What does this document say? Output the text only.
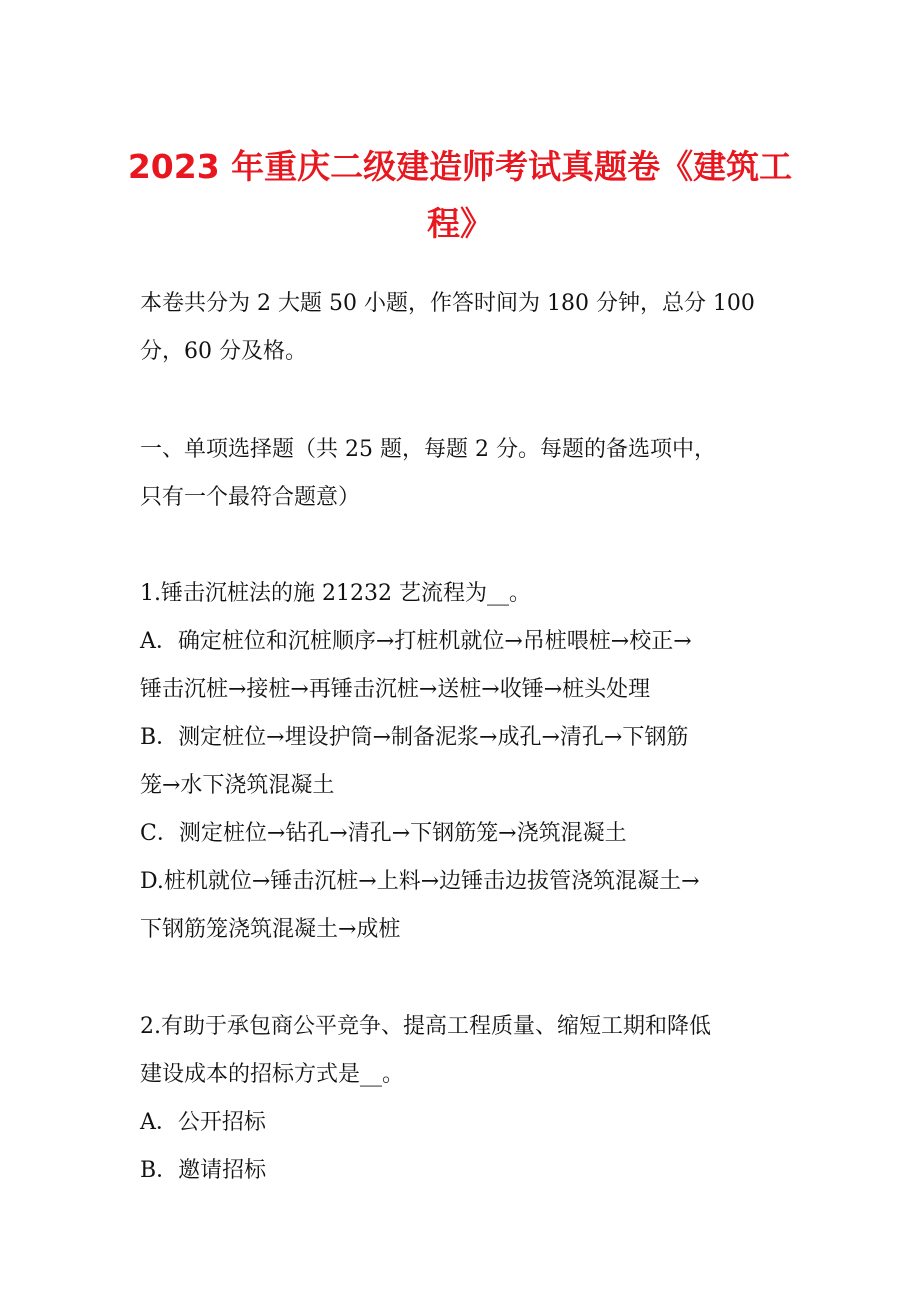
2023 年重庆二级建造师考试真题卷《建筑工
程》
本卷共分为 2 大题 50 小题，作答时间为 180 分钟，总分 100
分，60 分及格。
一、单项选择题（共 25 题，每题 2 分。每题的备选项中，
只有一个最符合题意）
1.锤击沉桩法的施 21232 艺流程为__。
A．确定桩位和沉桩顺序→打桩机就位→吊桩喂桩→校正→
锤击沉桩→接桩→再锤击沉桩→送桩→收锤→桩头处理
B．测定桩位→埋设护筒→制备泥浆→成孔→清孔→下钢筋
笼→水下浇筑混凝土
C．测定桩位→钻孔→清孔→下钢筋笼→浇筑混凝土
D.桩机就位→锤击沉桩→上料→边锤击边拔管浇筑混凝土→
下钢筋笼浇筑混凝土→成桩
2.有助于承包商公平竞争、提高工程质量、缩短工期和降低
建设成本的招标方式是__。
A．公开招标
B．邀请招标
